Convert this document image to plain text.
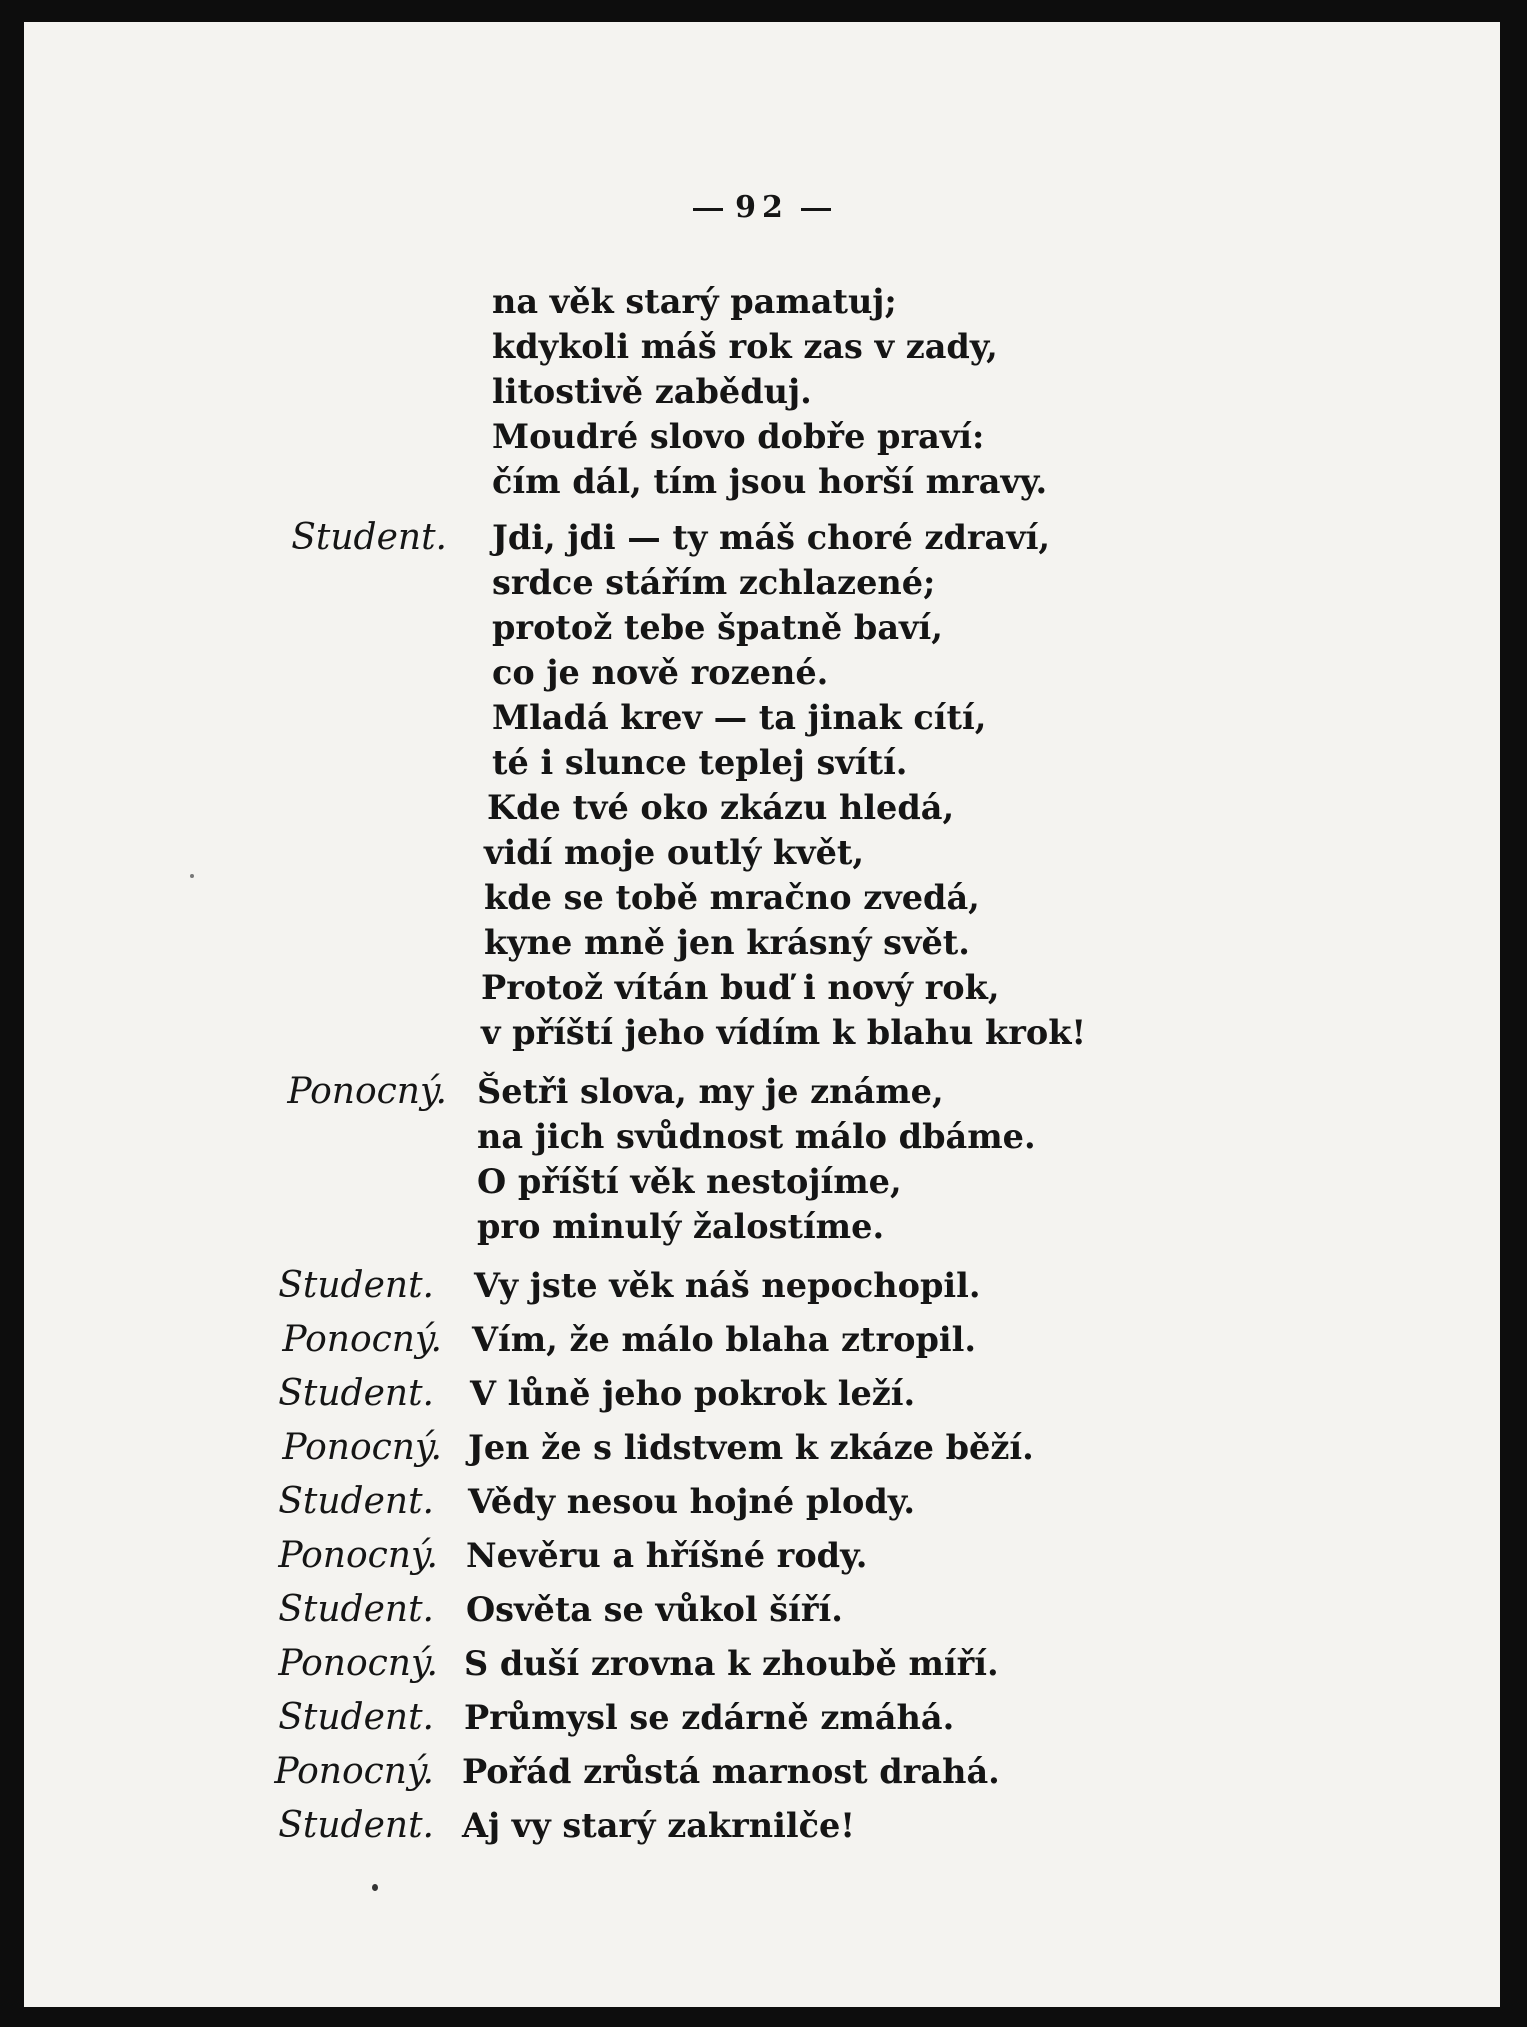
92
na věk starý pamatuj;
kdykoli máš rok zas v zady,
litostivě zaběduj.
Moudré slovo dobře praví:
čím dál, tím jsou horší mravy.
Student. Jdi, jdi — ty máš choré zdraví,
srdce stářím zchlazené;
protož tebe špatně baví,
co je nově rozené.
Mladá krev — ta jinak cítí,
té i slunce teplej svítí.
Kde tvé oko zkázu hledá,
vidí moje outlý květ,
kde se tobě mračno zvedá,
kyne mně jen krásný svět.
Protož vítán buď i nový rok,
v příští jeho vídím k blahu krok!
Ponocný. Šetři slova, my je známe,
na jich svůdnost málo dbáme.
O příští věk nestojíme,
pro minulý žalostíme.
Student. Vy jste věk náš nepochopil.
Ponocný. Vím, že málo blaha ztropil.
Student. V lůně jeho pokrok leží.
Ponocný. Jen že s lidstvem k zkáze běží.
Student. Vědy nesou hojné plody.
Ponocný. Nevěru a hříšné rody.
Student. Osvěta se vůkol šíří.
Ponocný. S duší zrovna k zhoubě míří.
Student. Průmysl se zdárně zmáhá.
Ponocný. Pořád zrůstá marnost drahá.
Student. Aj vy starý zakrnilče!
